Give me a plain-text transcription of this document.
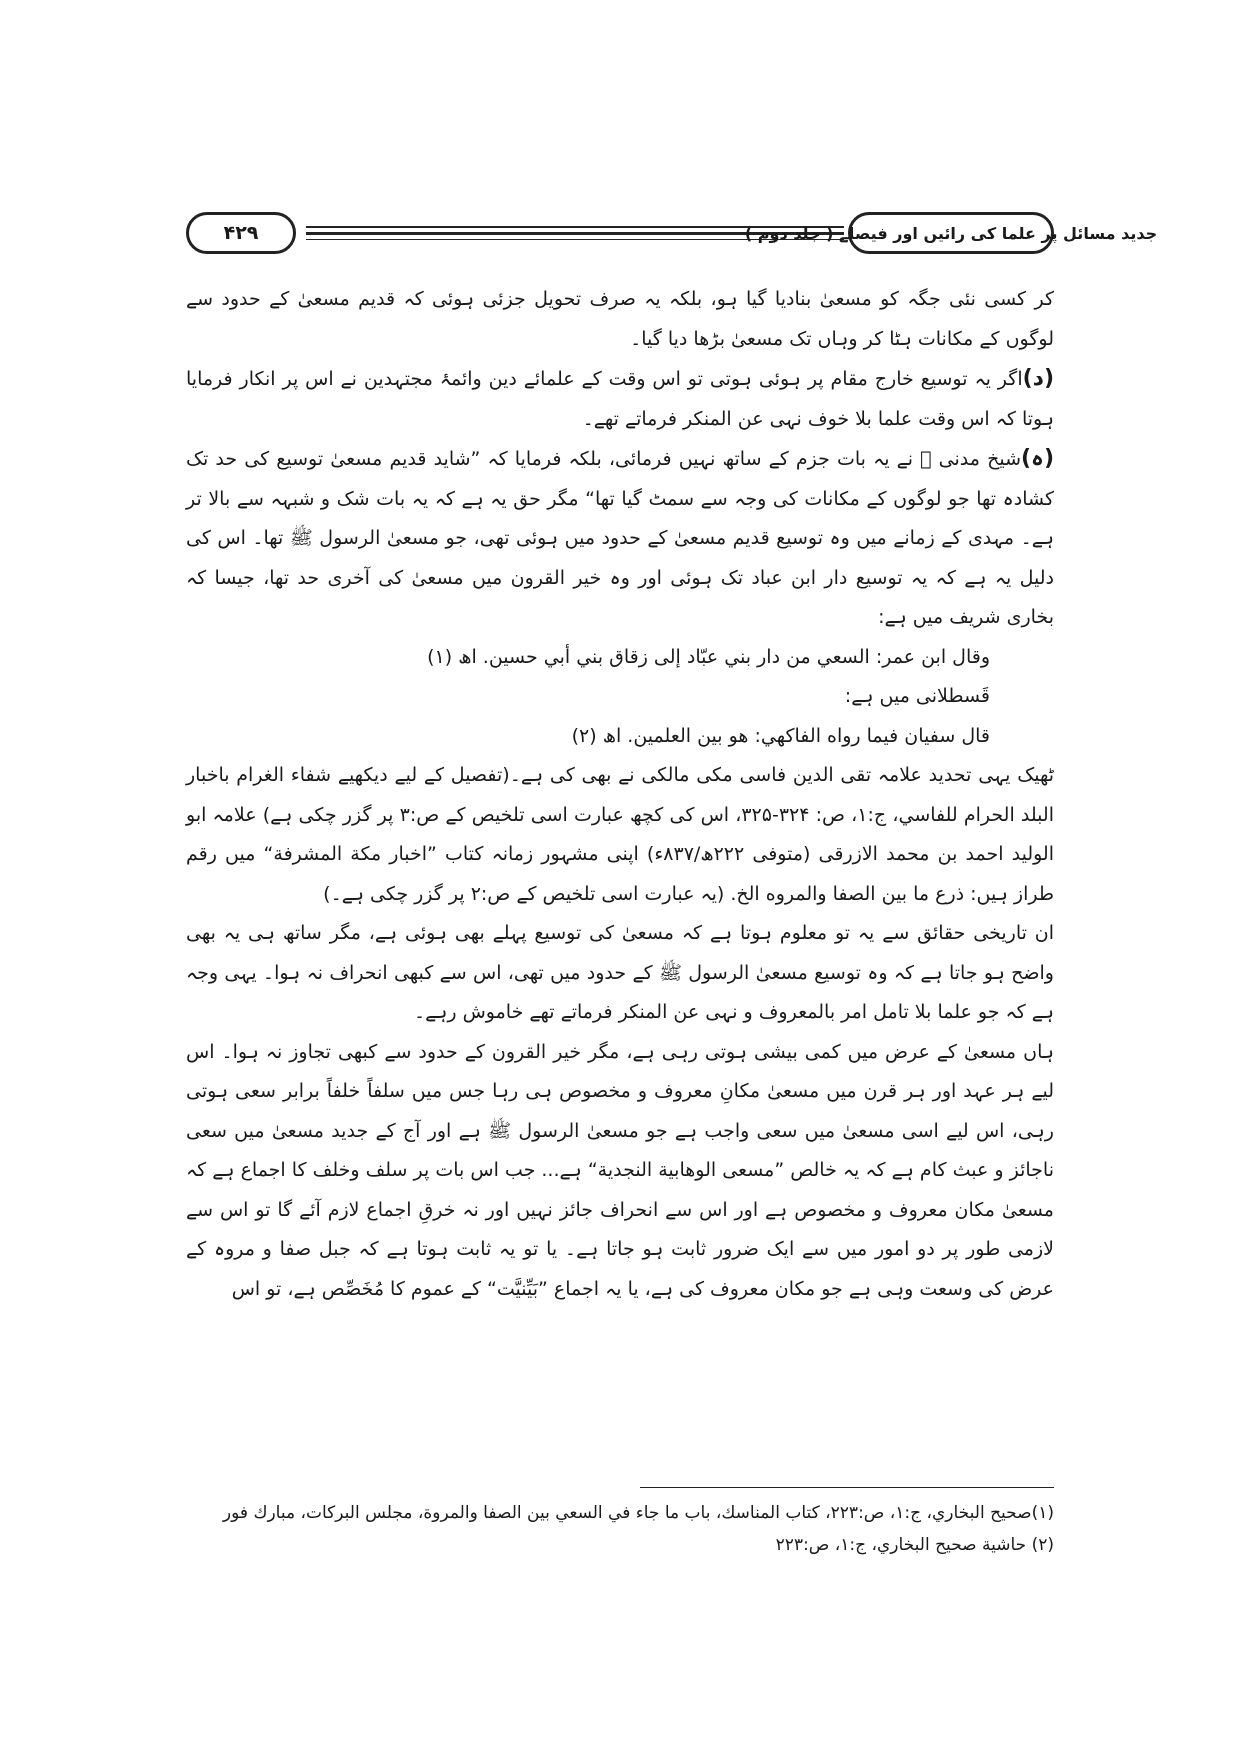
۴۲۹	جدید مسائل پر علما کی رائیں اور فیصلے ( جلد دوم )

کر کسی نئی جگہ کو مسعیٰ بنادیا گیا ہو، بلکہ یہ صرف تحویل جزئی ہوئی کہ قدیم مسعیٰ کے حدود سے لوگوں کے مکانات ہٹا کر وہاں تک مسعیٰ بڑھا دیا گیا۔

(د)اگر یہ توسیع خارج مقام پر ہوئی ہوتی تو اس وقت کے علمائے دین وائمۂ مجتہدین نے اس پر انکار فرمایا ہوتا کہ اس وقت علما بلا خوف نہی عن المنکر فرماتے تھے۔

(ہ)شیخ مدنی ﷫ نے یہ بات جزم کے ساتھ نہیں فرمائی، بلکہ فرمایا کہ ”شاید قدیم مسعیٰ توسیع کی حد تک کشادہ تھا جو لوگوں کے مکانات کی وجہ سے سمٹ گیا تھا“ مگر حق یہ ہے کہ یہ بات شک و شبہہ سے بالا تر ہے۔ مہدی کے زمانے میں وہ توسیع قدیم مسعیٰ کے حدود میں ہوئی تھی، جو مسعیٰ الرسول ﷺ تھا۔ اس کی دلیل یہ ہے کہ یہ توسیع دار ابن عباد تک ہوئی اور وہ خیر القرون میں مسعیٰ کی آخری حد تھا، جیسا کہ بخاری شریف میں ہے:

وقال ابن عمر: السعي من دار بني عبّاد إلى زقاق بني أبي حسين. اھ (۱)

قَسطلانی میں ہے:

قال سفيان فيما رواه الفاكهي: هو بين العلمين. اھ (۲)

ٹھیک یہی تحدید علامہ تقی الدین فاسی مکی مالکی نے بھی کی ہے۔(تفصیل کے لیے دیکھیے شفاء الغرام باخبار البلد الحرام للفاسي، ج:۱، ص: ۳۲۴-۳۲۵، اس کی کچھ عبارت اسی تلخیص کے ص:۳ پر گزر چکی ہے) علامہ ابو الولید احمد بن محمد الازرقی (متوفی ۲۲۲ھ/۸۳۷ء) اپنی مشہور زمانہ کتاب ”اخبار مكة المشرفة“ میں رقم طراز ہیں: ذرع ما بين الصفا والمروه الخ. (یہ عبارت اسی تلخیص کے ص:۲ پر گزر چکی ہے۔)

ان تاریخی حقائق سے یہ تو معلوم ہوتا ہے کہ مسعیٰ کی توسیع پہلے بھی ہوئی ہے، مگر ساتھ ہی یہ بھی واضح ہو جاتا ہے کہ وہ توسیع مسعیٰ الرسول ﷺ کے حدود میں تھی، اس سے کبھی انحراف نہ ہوا۔ یہی وجہ ہے کہ جو علما بلا تامل امر بالمعروف و نہی عن المنکر فرماتے تھے خاموش رہے۔

ہاں مسعیٰ کے عرض میں کمی بیشی ہوتی رہی ہے، مگر خیر القرون کے حدود سے کبھی تجاوز نہ ہوا۔ اس لیے ہر عہد اور ہر قرن میں مسعیٰ مکانِ معروف و مخصوص ہی رہا جس میں سلفاً خلفاً برابر سعی ہوتی رہی، اس لیے اسی مسعیٰ میں سعی واجب ہے جو مسعیٰ الرسول ﷺ ہے اور آج کے جدید مسعیٰ میں سعی ناجائز و عبث کام ہے کہ یہ خالص ”مسعى الوهابية النجدية“ ہے... جب اس بات پر سلف وخلف کا اجماع ہے کہ مسعیٰ مکان معروف و مخصوص ہے اور اس سے انحراف جائز نہیں اور نہ خرقِ اجماع لازم آئے گا تو اس سے لازمی طور پر دو امور میں سے ایک ضرور ثابت ہو جاتا ہے۔ یا تو یہ ثابت ہوتا ہے کہ جبل صفا و مروہ کے عرض کی وسعت وہی ہے جو مکان معروف کی ہے، یا یہ اجماع ”بَیِّنیَّت“ کے عموم کا مُخَصِّص ہے، تو اس

(۱)صحيح البخاري، ج:۱، ص:۲۲۳، كتاب المناسك، باب ما جاء في السعي بين الصفا والمروة، مجلس البركات، مبارك فور

(۲) حاشية صحيح البخاري، ج:۱، ص:۲۲۳
